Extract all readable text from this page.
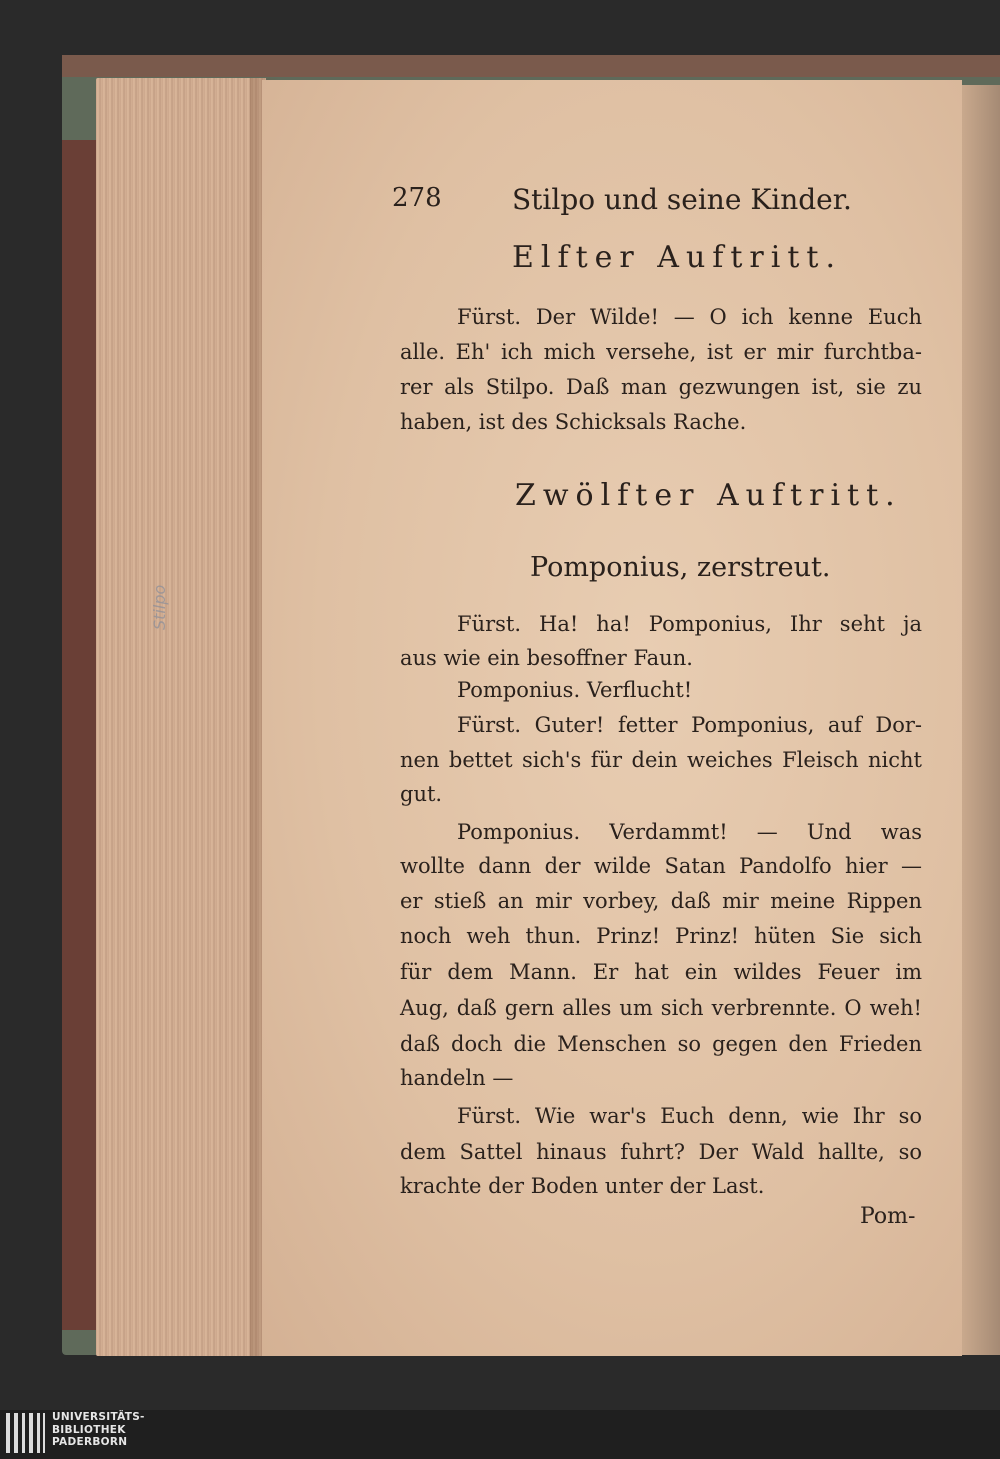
Stilpo
278	Stilpo und seine Kinder.
Elfter Auftritt.
Fürst. Der Wilde! — O ich kenne Euch
alle. Eh' ich mich versehe, ist er mir furchtba-
rer als Stilpo. Daß man gezwungen ist, sie zu
haben, ist des Schicksals Rache.
Zwölfter Auftritt.
Pomponius, zerstreut.
Fürst. Ha! ha! Pomponius, Ihr seht ja
aus wie ein besoffner Faun.
Pomponius. Verflucht!
Fürst. Guter! fetter Pomponius, auf Dor-
nen bettet sich's für dein weiches Fleisch nicht
gut.
Pomponius. Verdammt! — Und was
wollte dann der wilde Satan Pandolfo hier —
er stieß an mir vorbey, daß mir meine Rippen
noch weh thun. Prinz! Prinz! hüten Sie sich
für dem Mann. Er hat ein wildes Feuer im
Aug, daß gern alles um sich verbrennte. O weh!
daß doch die Menschen so gegen den Frieden
handeln —
Fürst. Wie war's Euch denn, wie Ihr so
dem Sattel hinaus fuhrt? Der Wald hallte, so
krachte der Boden unter der Last.
Pom-
UNIVERSITÄTS-
BIBLIOTHEK
PADERBORN
